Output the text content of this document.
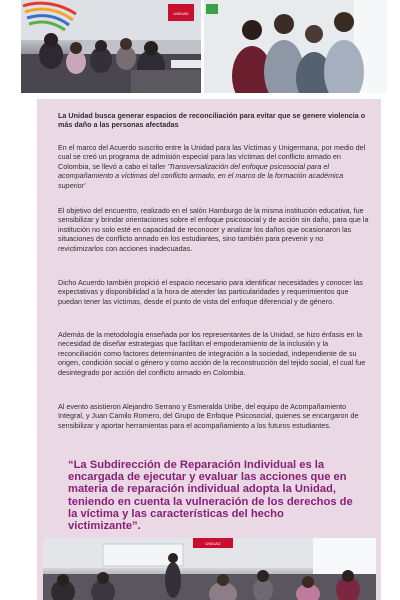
UNIDAD

La Unidad busca generar espacios de reconciliación para evitar que se genere violencia o más daño a las personas afectadas

En el marco del Acuerdo suscrito entre la Unidad para las Víctimas y Unigermana, por medio del cual se creó un programa de admisión especial para las víctimas del conflicto armado en Colombia, se llevó a cabo el taller 'Transversalización del enfoque psicosocial para el acompañamiento a víctimas del conflicto armado, en el marco de la formación académica superior'

El objetivo del encuentro, realizado en el salón Hamburgo de la misma institución educativa, fue sensibilizar y brindar orientaciones sobre el enfoque psicosocial y de acción sin daño, para que la institución no solo esté en capacidad de reconocer y analizar los daños que ocasionaron las situaciones de conflicto armado en los estudiantes, sino también para prevenir y no revictimizarlos con acciones inadecuadas.

Dicho Acuerdo también propició el espacio necesario para identificar necesidades y conocer las expectativas y disponibilidad a la hora de atender las particularidades y requerimientos que puedan tener las víctimas, desde el punto de vista del enfoque diferencial y de género.

Además de la metodología enseñada por los representantes de la Unidad, se hizo énfasis en la necesidad de diseñar estrategias que facilitan el empoderamiento de la inclusión y la reconciliación como factores determinantes de integración a la sociedad, independiente de su origen, condición social o género y como acción de la reconstrucción del tejido social, el cual fue desintegrado por acción del conflicto armado en Colombia.

Al evento asistieron Alejandro Serrano y Esmeralda Uribe, del equipo de Acompañamiento Integral, y Juan Camilo Romero, del Grupo de Enfoque Psicosocial, quienes se encargaron de sensibilizar y aportar herramientas para el acompañamiento a los futuros estudiantes.

“La Subdirección de Reparación Individual es la encargada de ejecutar y evaluar las acciones que en materia de reparación individual adopta la Unidad, teniendo en cuenta la vulneración de los derechos de la víctima y las características del hecho victimizante”.

UNIDAD
